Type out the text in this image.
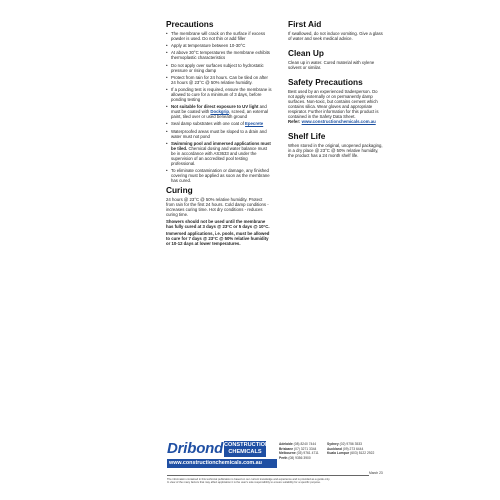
Precautions
• The membrane will crack on the surface if excess powder is used. Do not thin or add filler
• Apply at temperature between 10-30°C
• At above 30°C temperatures the membrane exhibits thermoplastic characteristics
• Do not apply over surfaces subject to hydrostatic pressure or rising damp
• Protect from rain for 24 hours. Can be tiled on after 24 hours @ 23°C @ 50% relative humidity.
• If a ponding test is required, ensure the membrane is allowed to cure for a minimum of 3 days, before ponding testing
• Not suitable for direct exposure to UV light and must be coated with Dockgrip, screed, an external paint, tiled over or used beneath ground
• Seal damp substrates with one coat of Epecrete
• Waterproofed areas must be sloped to a drain and water must not pond
• Swimming pool and immersed applications must be tiled. Chemical dosing and water balance must be in accordance with AS3633 and under the supervision of an accredited pool testing professional.
• To eliminate contamination or damage, any finished covering must be applied as soon as the membrane has cured.
Curing

24 hours @ 23°C @ 50% relative humidity. Protect from rain for the first 24 hours. Cold damp conditions - increases curing time. Hot dry conditions - reduces curing time.

Showers should not be used until the membrane has fully cured at 3 days @ 23°C or 5 days @ 10°C.

Immersed applications, i.e. pools, must be allowed to cure for 7 days @ 23°C @ 50% relative humidity or 10-12 days at lower temperatures.

First Aid

If swallowed, do not induce vomiting. Give a glass of water and seek medical advice.

Clean Up

Clean up in water. Cured material with xylene solvent or similar.

Safety Precautions

Best used by an experienced tradesperson. Do not apply externally or on permanently damp surfaces. Non-toxic, but contains cement which contains silica. Wear gloves and appropriate respirator. Further information for this product is contained in the Safety Data Sheet.
Refer: www.constructionchemicals.com.au

Shelf Life

When stored in the original, unopened packaging, in a dry place @ 23°C @ 50% relative humidity, the product has a 24 month shelf life.

Dribond CONSTRUCTION
CHEMICALS
www.constructionchemicals.com.au
Adelaide (08) 8240 7444	Sydney (02) 9756 3533
Brisbane (07) 3271 3344	Auckland (09) 273 6444
Melbourne (03) 9761 4711	Kuala Lumpur (603) 5122 2922
Perth (08) 9356 3900
March 23
The information contained in this technical publication is based on our current knowledge and experience and is provided as a guide only.
In view of the many factors that may affect application it is the user's sole responsibility to ensure suitability for a specific purpose.
